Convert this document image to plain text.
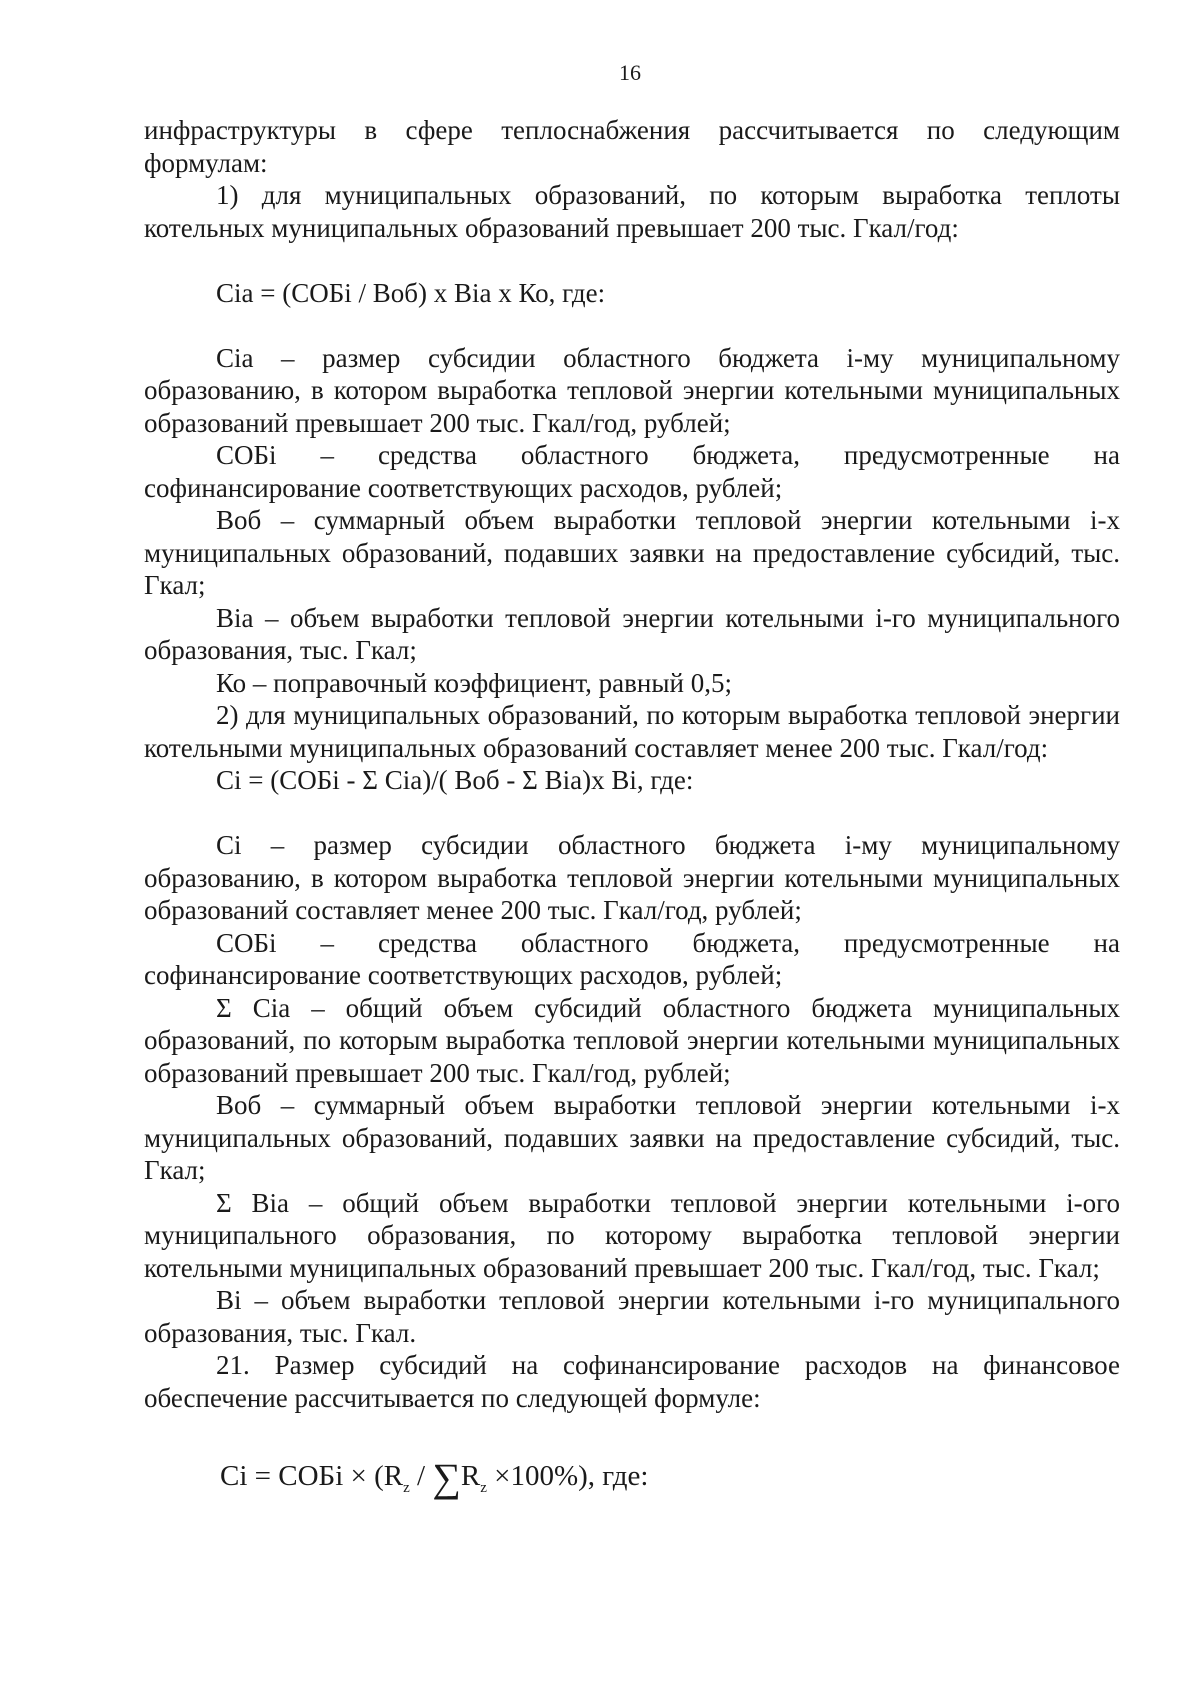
16

инфраструктуры в сфере теплоснабжения рассчитывается по следующим формулам:

1) для муниципальных образований, по которым выработка теплоты котельных муниципальных образований превышает 200 тыс. Гкал/год:

Сia = (СОБi / Воб) х Вiа х Ко, где:

Сia – размер субсидии областного бюджета i-му муниципальному образованию, в котором выработка тепловой энергии котельными муниципальных образований превышает 200 тыс. Гкал/год, рублей;

СОБi – средства областного бюджета, предусмотренные на софинансирование соответствующих расходов, рублей;

Воб – суммарный объем выработки тепловой энергии котельными i-х муниципальных образований, подавших заявки на предоставление субсидий, тыс. Гкал;

Вiа – объем выработки тепловой энергии котельными i-го муниципального образования, тыс. Гкал;

Ко – поправочный коэффициент, равный 0,5;

2) для муниципальных образований, по которым выработка тепловой энергии котельными муниципальных образований составляет менее 200 тыс. Гкал/год:

Сi = (СОБi - Σ Сiа)/( Воб - Σ Вiа)х Вi, где:

Сi – размер субсидии областного бюджета i-му муниципальному образованию, в котором выработка тепловой энергии котельными муниципальных образований составляет менее 200 тыс. Гкал/год, рублей;

СОБi – средства областного бюджета, предусмотренные на софинансирование соответствующих расходов, рублей;

Σ Сiа – общий объем субсидий областного бюджета муниципальных образований, по которым выработка тепловой энергии котельными муниципальных образований превышает 200 тыс. Гкал/год, рублей;

Воб – суммарный объем выработки тепловой энергии котельными i-х муниципальных образований, подавших заявки на предоставление субсидий, тыс. Гкал;

Σ Вiа – общий объем выработки тепловой энергии котельными i-ого муниципального образования, по которому выработка тепловой энергии котельными муниципальных образований превышает 200 тыс. Гкал/год, тыс. Гкал;

Вi – объем выработки тепловой энергии котельными i-го муниципального образования, тыс. Гкал.

21. Размер субсидий на софинансирование расходов на финансовое обеспечение рассчитывается по следующей формуле:

Сi = СОБi × $(R_z / \sum R_z \times 100\%)$, где:
